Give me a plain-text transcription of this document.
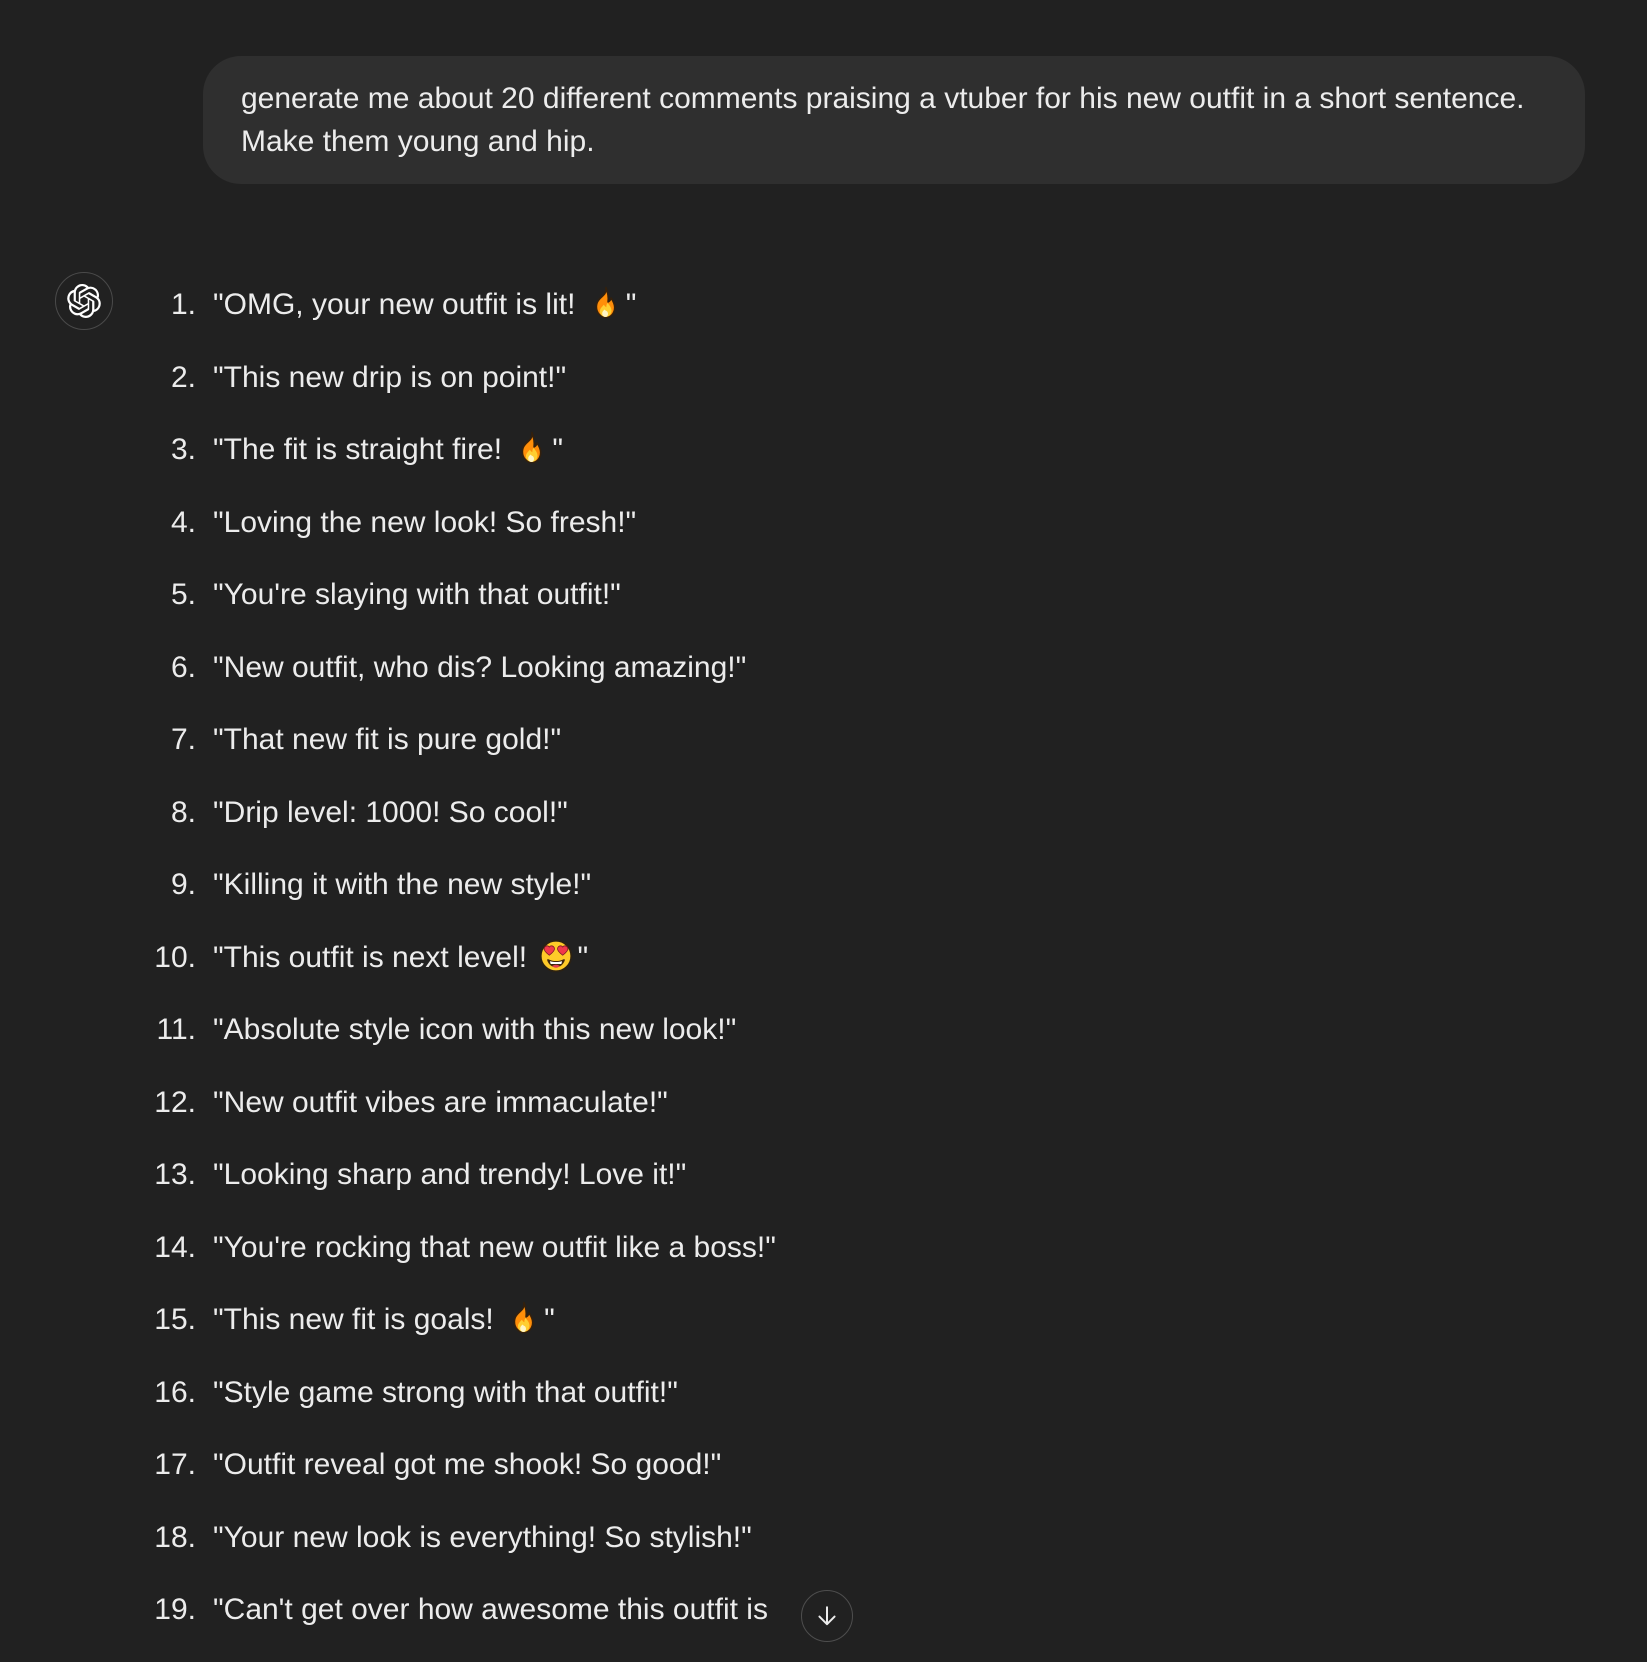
generate me about 20 different comments praising a vtuber for his new outfit in a short sentence. Make them young and hip.
1. "OMG, your new outfit is lit! "
2. "This new drip is on point!"
3. "The fit is straight fire! "
4. "Loving the new look! So fresh!"
5. "You're slaying with that outfit!"
6. "New outfit, who dis? Looking amazing!"
7. "That new fit is pure gold!"
8. "Drip level: 1000! So cool!"
9. "Killing it with the new style!"
10. "This outfit is next level! "
11. "Absolute style icon with this new look!"
12. "New outfit vibes are immaculate!"
13. "Looking sharp and trendy! Love it!"
14. "You're rocking that new outfit like a boss!"
15. "This new fit is goals! "
16. "Style game strong with that outfit!"
17. "Outfit reveal got me shook! So good!"
18. "Your new look is everything! So stylish!"
19. "Can't get over how awesome this outfit is
